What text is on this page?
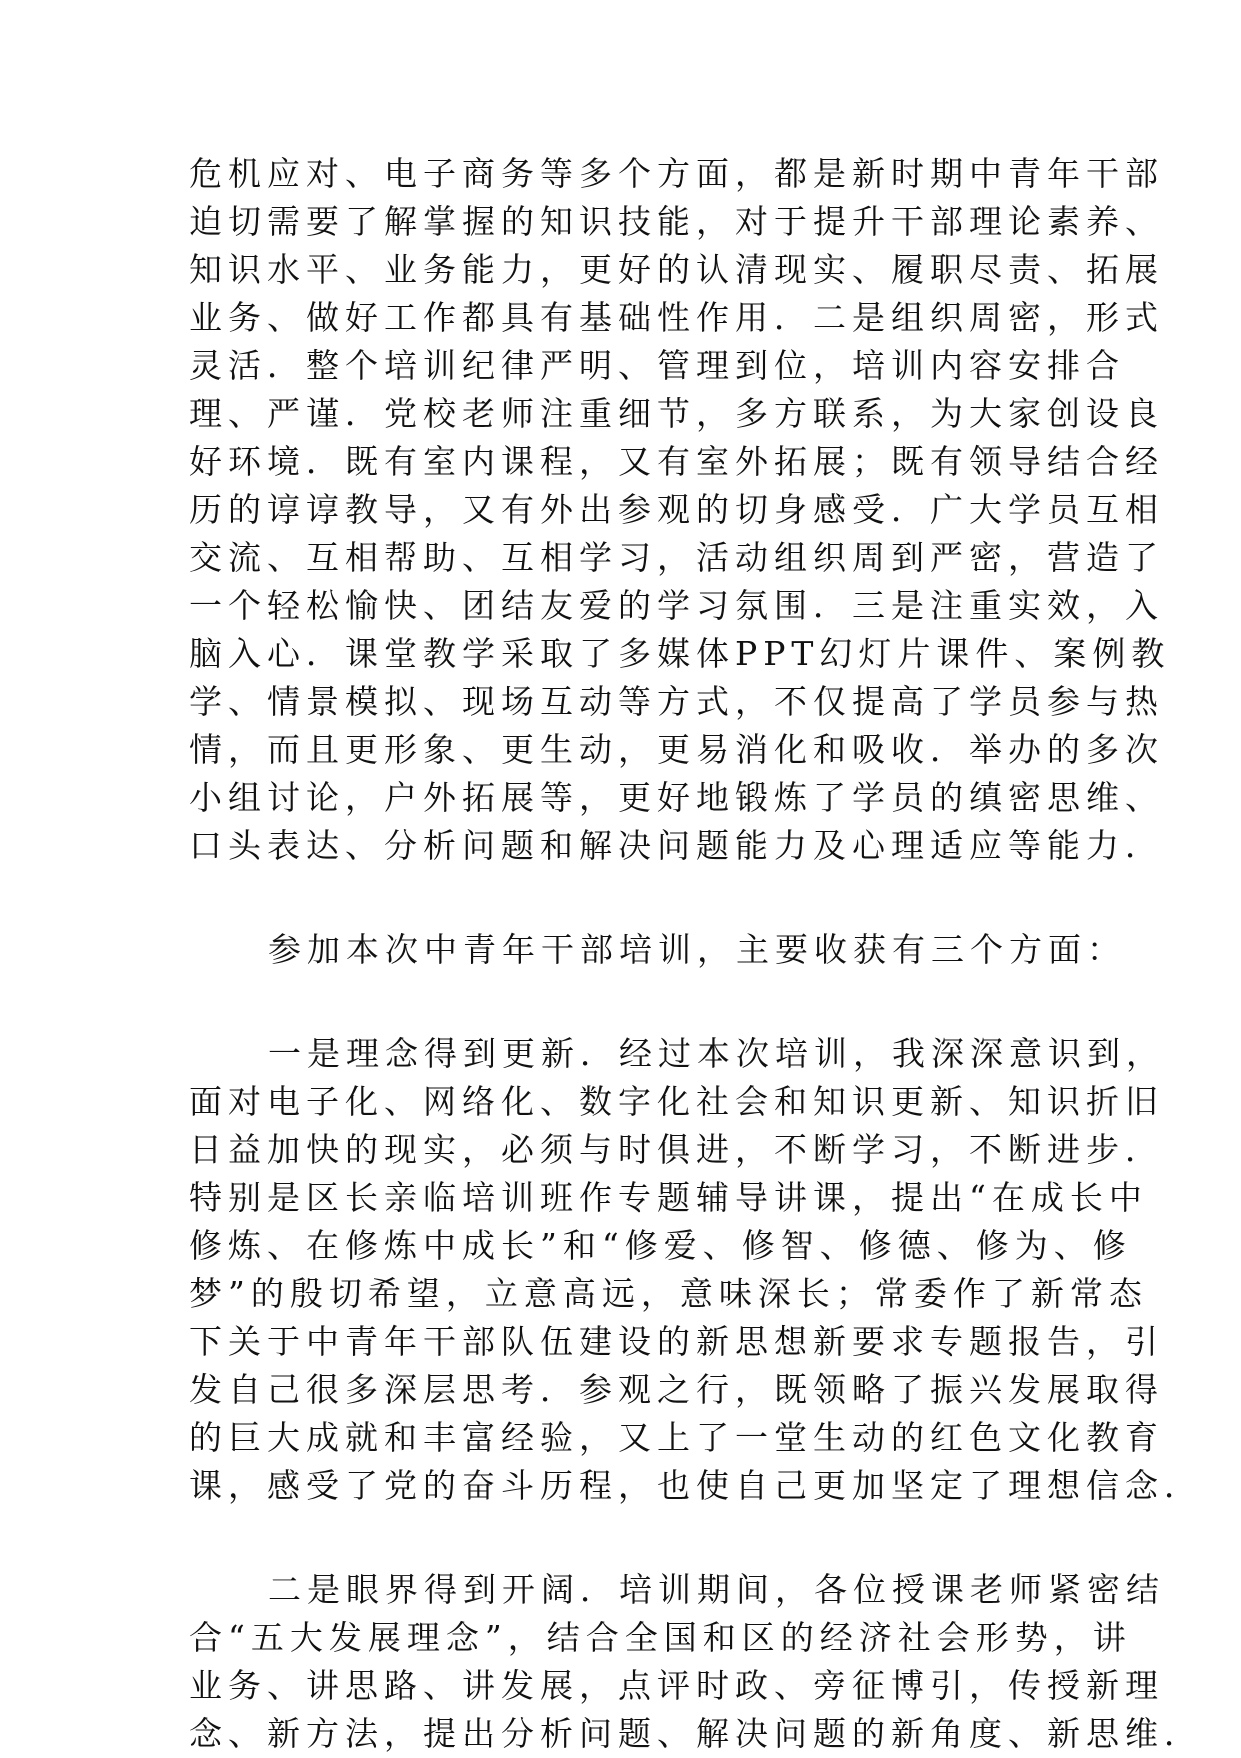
危机应对、电子商务等多个方面，都是新时期中青年干部
迫切需要了解掌握的知识技能，对于提升干部理论素养、
知识水平、业务能力，更好的认清现实、履职尽责、拓展
业务、做好工作都具有基础性作用．二是组织周密，形式
灵活．整个培训纪律严明、管理到位，培训内容安排合
理、严谨．党校老师注重细节，多方联系，为大家创设良
好环境．既有室内课程，又有室外拓展；既有领导结合经
历的谆谆教导，又有外出参观的切身感受．广大学员互相
交流、互相帮助、互相学习，活动组织周到严密，营造了
一个轻松愉快、团结友爱的学习氛围．三是注重实效，入
脑入心．课堂教学采取了多媒体PPT幻灯片课件、案例教
学、情景模拟、现场互动等方式，不仅提高了学员参与热
情，而且更形象、更生动，更易消化和吸收．举办的多次
小组讨论，户外拓展等，更好地锻炼了学员的缜密思维、
口头表达、分析问题和解决问题能力及心理适应等能力．
参加本次中青年干部培训，主要收获有三个方面：
一是理念得到更新．经过本次培训，我深深意识到，
面对电子化、网络化、数字化社会和知识更新、知识折旧
日益加快的现实，必须与时俱进，不断学习，不断进步．
特别是区长亲临培训班作专题辅导讲课，提出“在成长中
修炼、在修炼中成长”和“修爱、修智、修德、修为、修
梦”的殷切希望，立意高远，意味深长；常委作了新常态
下关于中青年干部队伍建设的新思想新要求专题报告，引
发自己很多深层思考．参观之行，既领略了振兴发展取得
的巨大成就和丰富经验，又上了一堂生动的红色文化教育
课，感受了党的奋斗历程，也使自己更加坚定了理想信念．
二是眼界得到开阔．培训期间，各位授课老师紧密结
合“五大发展理念”，结合全国和区的经济社会形势，讲
业务、讲思路、讲发展，点评时政、旁征博引，传授新理
念、新方法，提出分析问题、解决问题的新角度、新思维．
